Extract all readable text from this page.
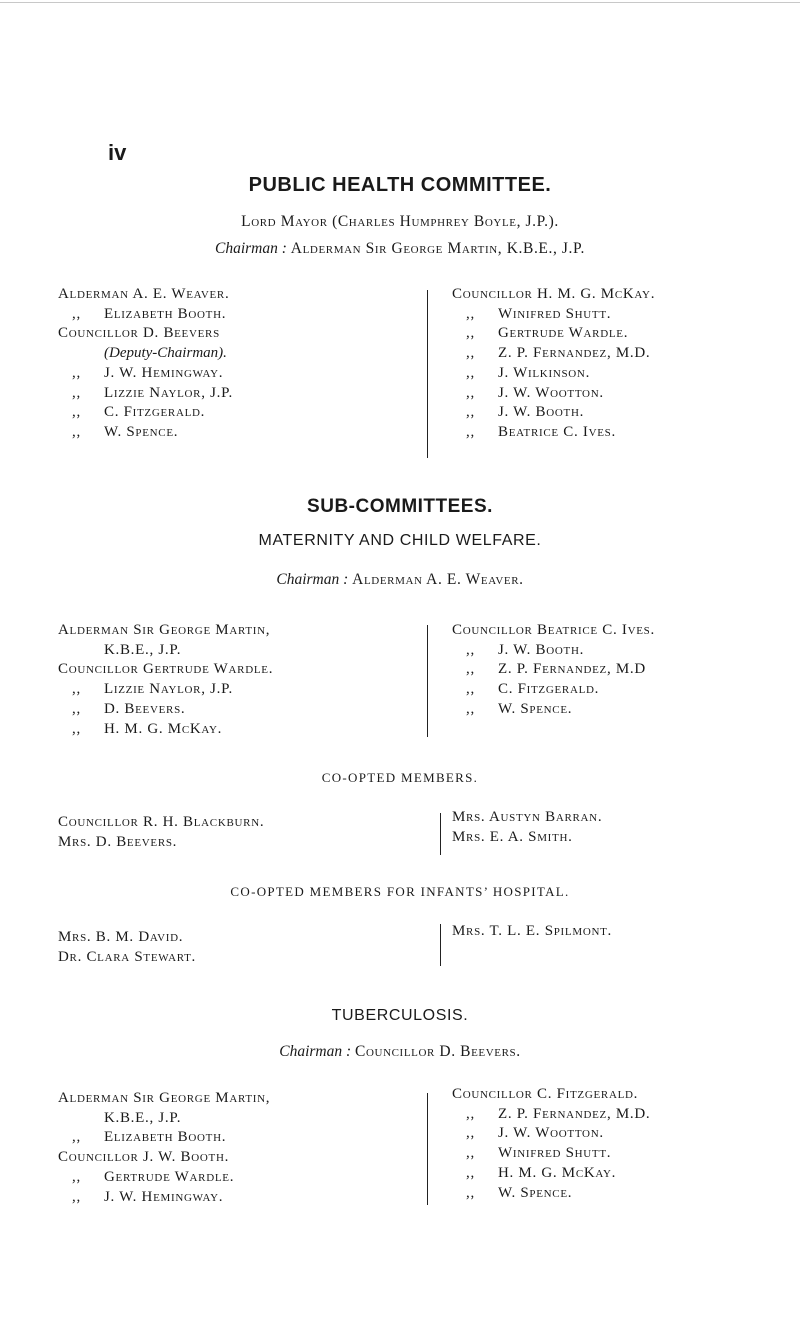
iv
PUBLIC HEALTH COMMITTEE.
Lord Mayor (Charles Humphrey Boyle, J.P.).
Chairman : Alderman Sir George Martin, K.B.E., J.P.
Alderman A. E. Weaver.
,, Elizabeth Booth.
Councillor D. Beevers
(Deputy-Chairman).
,, J. W. Hemingway.
,, Lizzie Naylor, J.P.
,, C. Fitzgerald.
,, W. Spence.
Councillor H. M. G. McKay.
,, Winifred Shutt.
,, Gertrude Wardle.
,, Z. P. Fernandez, M.D.
,, J. Wilkinson.
,, J. W. Wootton.
,, J. W. Booth.
,, Beatrice C. Ives.
SUB-COMMITTEES.
MATERNITY AND CHILD WELFARE.
Chairman : Alderman A. E. Weaver.
Alderman Sir George Martin,
K.B.E., J.P.
Councillor Gertrude Wardle.
,, Lizzie Naylor, J.P.
,, D. Beevers.
,, H. M. G. McKay.
Councillor Beatrice C. Ives.
,, J. W. Booth.
,, Z. P. Fernandez, M.D
,, C. Fitzgerald.
,, W. Spence.
CO-OPTED MEMBERS.
Councillor R. H. Blackburn.
Mrs. D. Beevers.
Mrs. Austyn Barran.
Mrs. E. A. Smith.
CO-OPTED MEMBERS FOR INFANTS’ HOSPITAL.
Mrs. B. M. David.
Dr. Clara Stewart.
Mrs. T. L. E. Spilmont.
TUBERCULOSIS.
Chairman : Councillor D. Beevers.
Alderman Sir George Martin,
K.B.E., J.P.
,, Elizabeth Booth.
Councillor J. W. Booth.
,, Gertrude Wardle.
,, J. W. Hemingway.
Councillor C. Fitzgerald.
,, Z. P. Fernandez, M.D.
,, J. W. Wootton.
,, Winifred Shutt.
,, H. M. G. McKay.
,, W. Spence.
